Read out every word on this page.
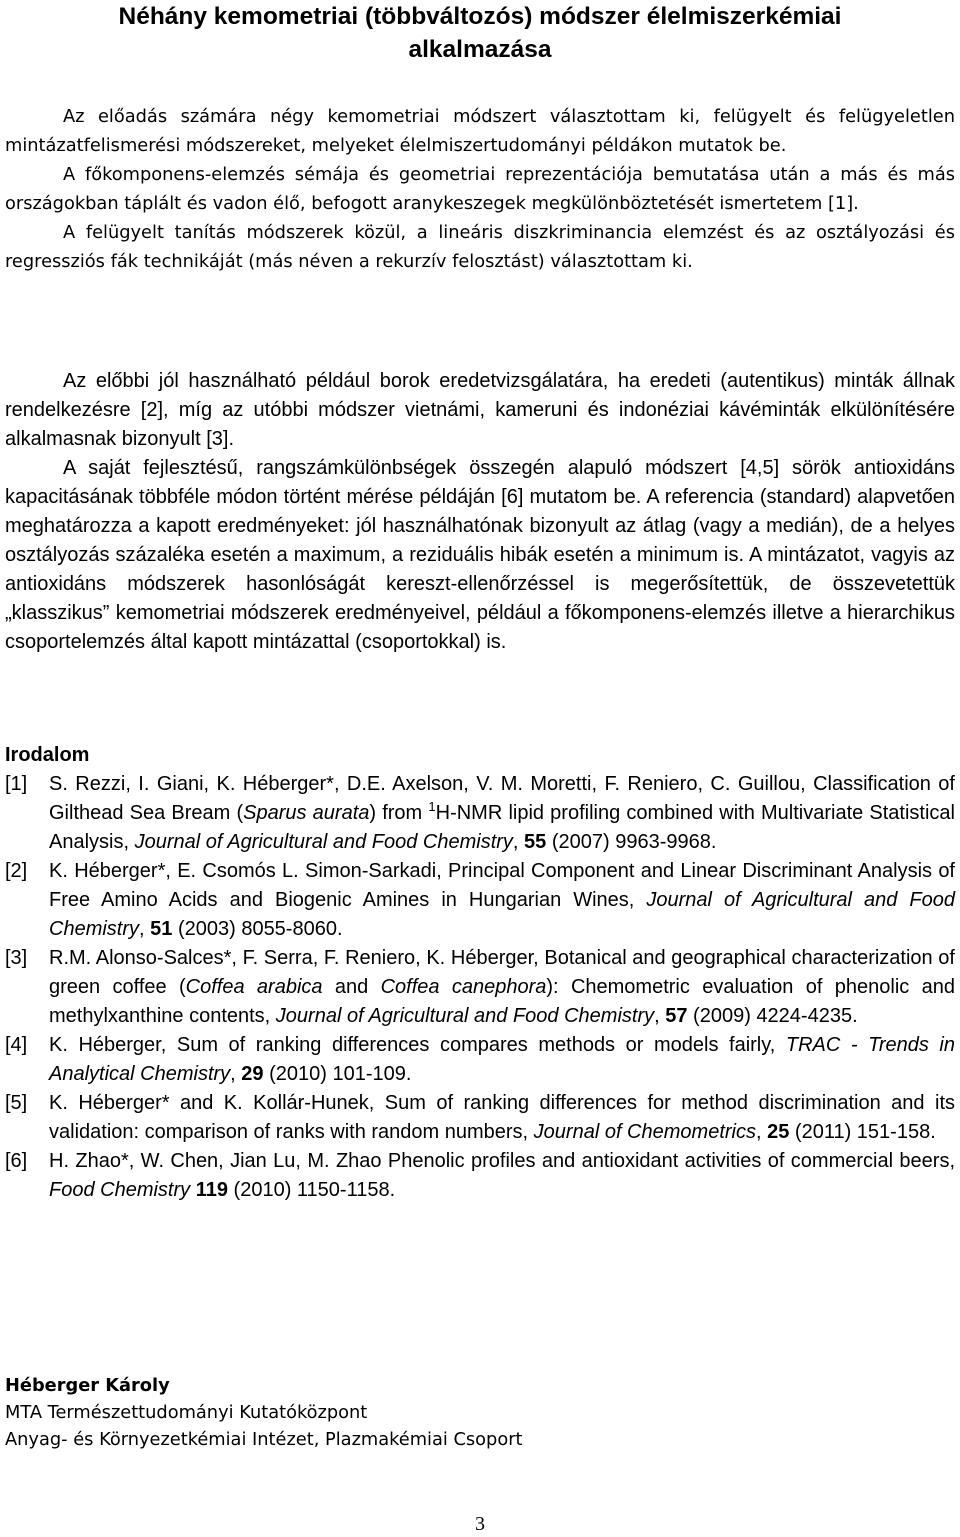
Néhány kemometriai (többváltozós) módszer élelmiszerkémiai
alkalmazása

Az előadás számára négy kemometriai módszert választottam ki, felügyelt és felügyeletlen mintázatfelismerési módszereket, melyeket élelmiszertudományi példákon mutatok be.

A főkomponens-elemzés sémája és geometriai reprezentációja bemutatása után a más és más országokban táplált és vadon élő, befogott aranykeszegek megkülönböztetését ismertetem [1].

A felügyelt tanítás módszerek közül, a lineáris diszkriminancia elemzést és az osztályozási és regressziós fák technikáját (más néven a rekurzív felosztást) választottam ki.

Az előbbi jól használható például borok eredetvizsgálatára, ha eredeti (autentikus) minták állnak rendelkezésre [2], míg az utóbbi módszer vietnámi, kameruni és indonéziai kávéminták elkülönítésére alkalmasnak bizonyult [3].

A saját fejlesztésű, rangszámkülönbségek összegén alapuló módszert [4,5] sörök antioxidáns kapacitásának többféle módon történt mérése példáján [6] mutatom be. A referencia (standard) alapvetően meghatározza a kapott eredményeket: jól használhatónak bizonyult az átlag (vagy a medián), de a helyes osztályozás százaléka esetén a maximum, a reziduális hibák esetén a minimum is. A mintázatot, vagyis az antioxidáns módszerek hasonlóságát kereszt-ellenőrzéssel is megerősítettük, de összevetettük „klasszikus” kemometriai módszerek eredményeivel, például a főkomponens-elemzés illetve a hierarchikus csoportelemzés által kapott mintázattal (csoportokkal) is.

Irodalom
[1] S. Rezzi, I. Giani, K. Héberger*, D.E. Axelson, V. M. Moretti, F. Reniero, C. Guillou, Classification of Gilthead Sea Bream (Sparus aurata) from $^1$H-NMR lipid profiling combined with Multivariate Statistical Analysis, Journal of Agricultural and Food Chemistry, 55 (2007) 9963-9968.
[2] K. Héberger*, E. Csomós L. Simon-Sarkadi, Principal Component and Linear Discriminant Analysis of Free Amino Acids and Biogenic Amines in Hungarian Wines, Journal of Agricultural and Food Chemistry, 51 (2003) 8055-8060.
[3] R.M. Alonso-Salces*, F. Serra, F. Reniero, K. Héberger, Botanical and geographical characterization of green coffee (Coffea arabica and Coffea canephora): Chemometric evaluation of phenolic and methylxanthine contents, Journal of Agricultural and Food Chemistry, 57 (2009) 4224-4235.
[4] K. Héberger, Sum of ranking differences compares methods or models fairly, TRAC - Trends in Analytical Chemistry, 29 (2010) 101-109.
[5] K. Héberger* and K. Kollár-Hunek, Sum of ranking differences for method discrimination and its validation: comparison of ranks with random numbers, Journal of Chemometrics, 25 (2011) 151-158.
[6] H. Zhao*, W. Chen, Jian Lu, M. Zhao Phenolic profiles and antioxidant activities of commercial beers, Food Chemistry 119 (2010) 1150-1158.
Héberger Károly
MTA Természettudományi Kutatóközpont
Anyag- és Környezetkémiai Intézet, Plazmakémiai Csoport
3
